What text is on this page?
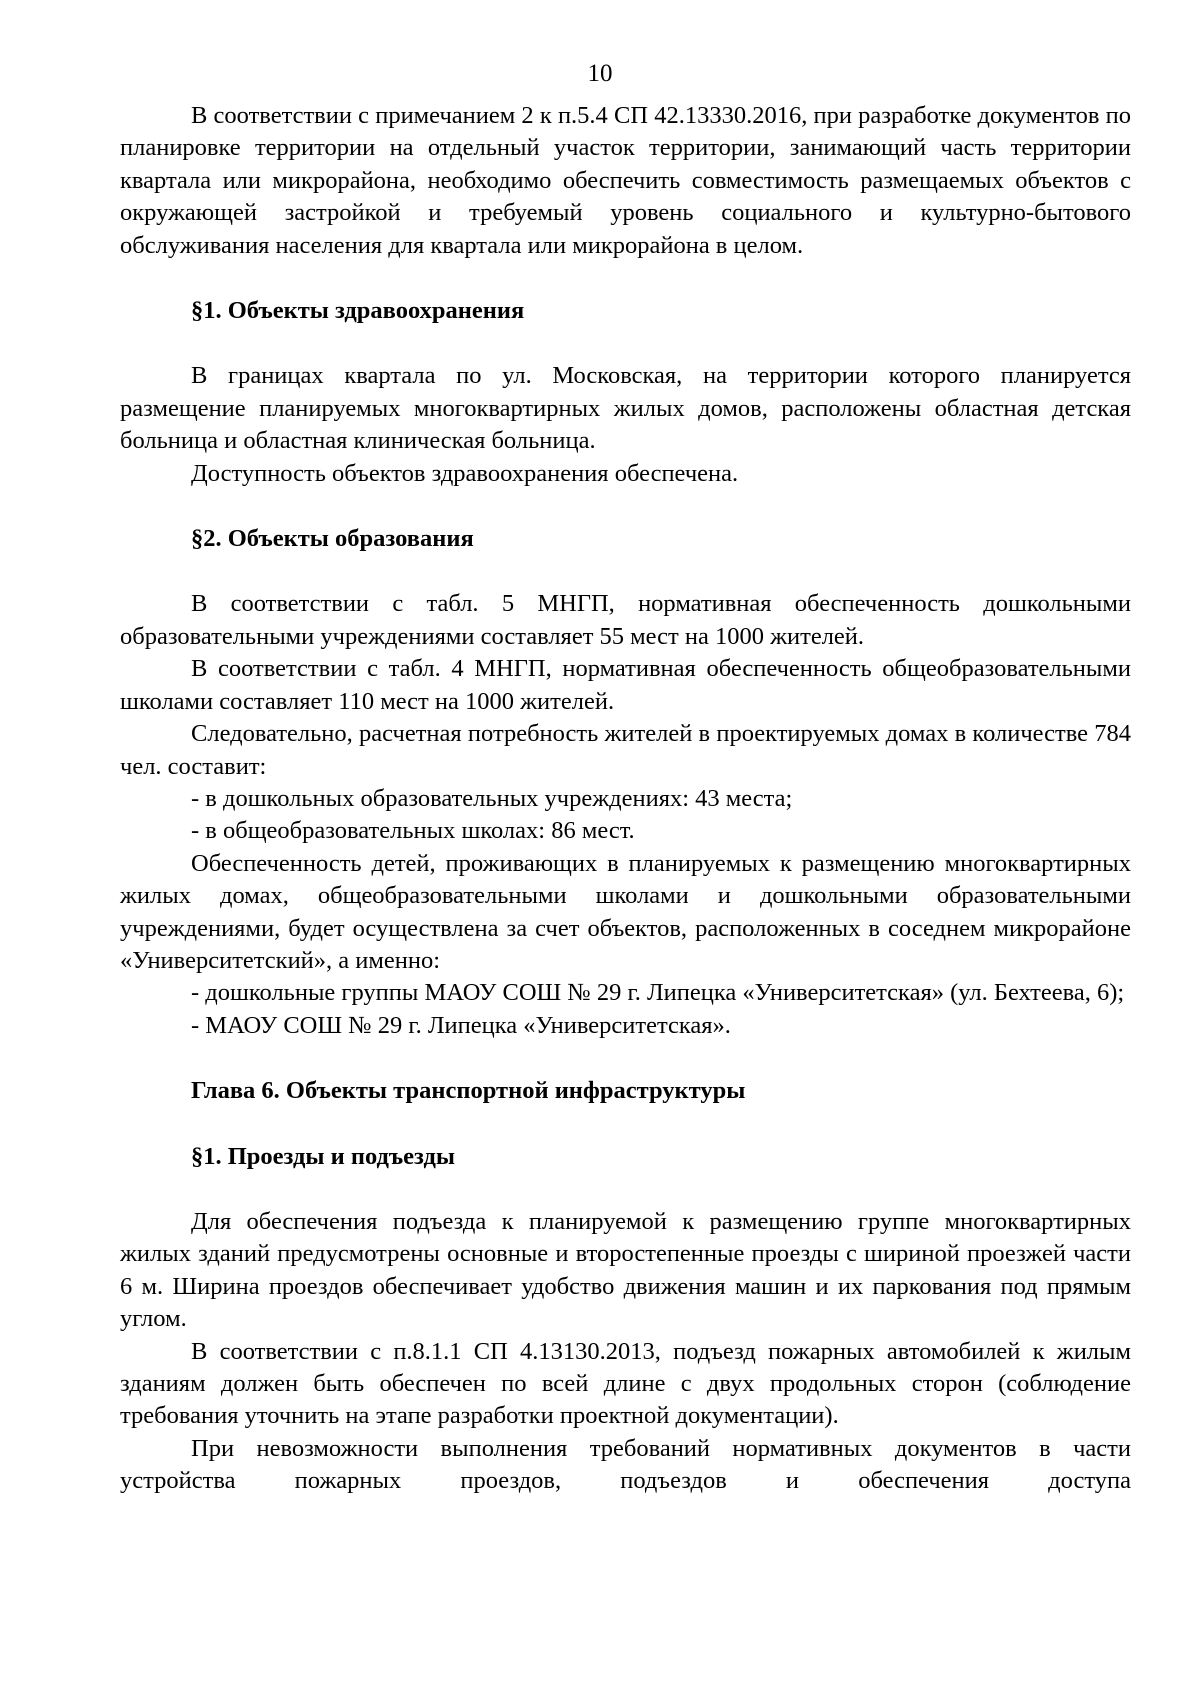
10

В соответствии с примечанием 2 к п.5.4 СП 42.13330.2016, при разработке документов по планировке территории на отдельный участок территории, занимающий часть территории квартала или микрорайона, необходимо обеспечить совместимость размещаемых объектов с окружающей застройкой и требуемый уровень социального и культурно-бытового обслуживания населения для квартала или микрорайона в целом.

§1. Объекты здравоохранения

В границах квартала по ул. Московская, на территории которого планируется размещение планируемых многоквартирных жилых домов, расположены областная детская больница и областная клиническая больница.

Доступность объектов здравоохранения обеспечена.

§2. Объекты образования

В соответствии с табл. 5 МНГП, нормативная обеспеченность дошкольными образовательными учреждениями составляет 55 мест на 1000 жителей.

В соответствии с табл. 4 МНГП, нормативная обеспеченность общеобразовательными школами составляет 110 мест на 1000 жителей.

Следовательно, расчетная потребность жителей в проектируемых домах в количестве 784 чел. составит:

- в дошкольных образовательных учреждениях: 43 места;

- в общеобразовательных школах: 86 мест.

Обеспеченность детей, проживающих в планируемых к размещению многоквартирных жилых домах, общеобразовательными школами и дошкольными образовательными учреждениями, будет осуществлена за счет объектов, расположенных в соседнем микрорайоне «Университетский», а именно:

- дошкольные группы МАОУ СОШ № 29 г. Липецка «Университетская» (ул. Бехтеева, 6);

- МАОУ СОШ № 29 г. Липецка «Университетская».

Глава 6. Объекты транспортной инфраструктуры
§1. Проезды и подъезды

Для обеспечения подъезда к планируемой к размещению группе многоквартирных жилых зданий предусмотрены основные и второстепенные проезды с шириной проезжей части 6 м. Ширина проездов обеспечивает удобство движения машин и их паркования под прямым углом.

В соответствии с п.8.1.1 СП 4.13130.2013, подъезд пожарных автомобилей к жилым зданиям должен быть обеспечен по всей длине с двух продольных сторон (соблюдение требования уточнить на этапе разработки проектной документации).

При невозможности выполнения требований нормативных документов в части устройства пожарных проездов, подъездов и обеспечения доступа
